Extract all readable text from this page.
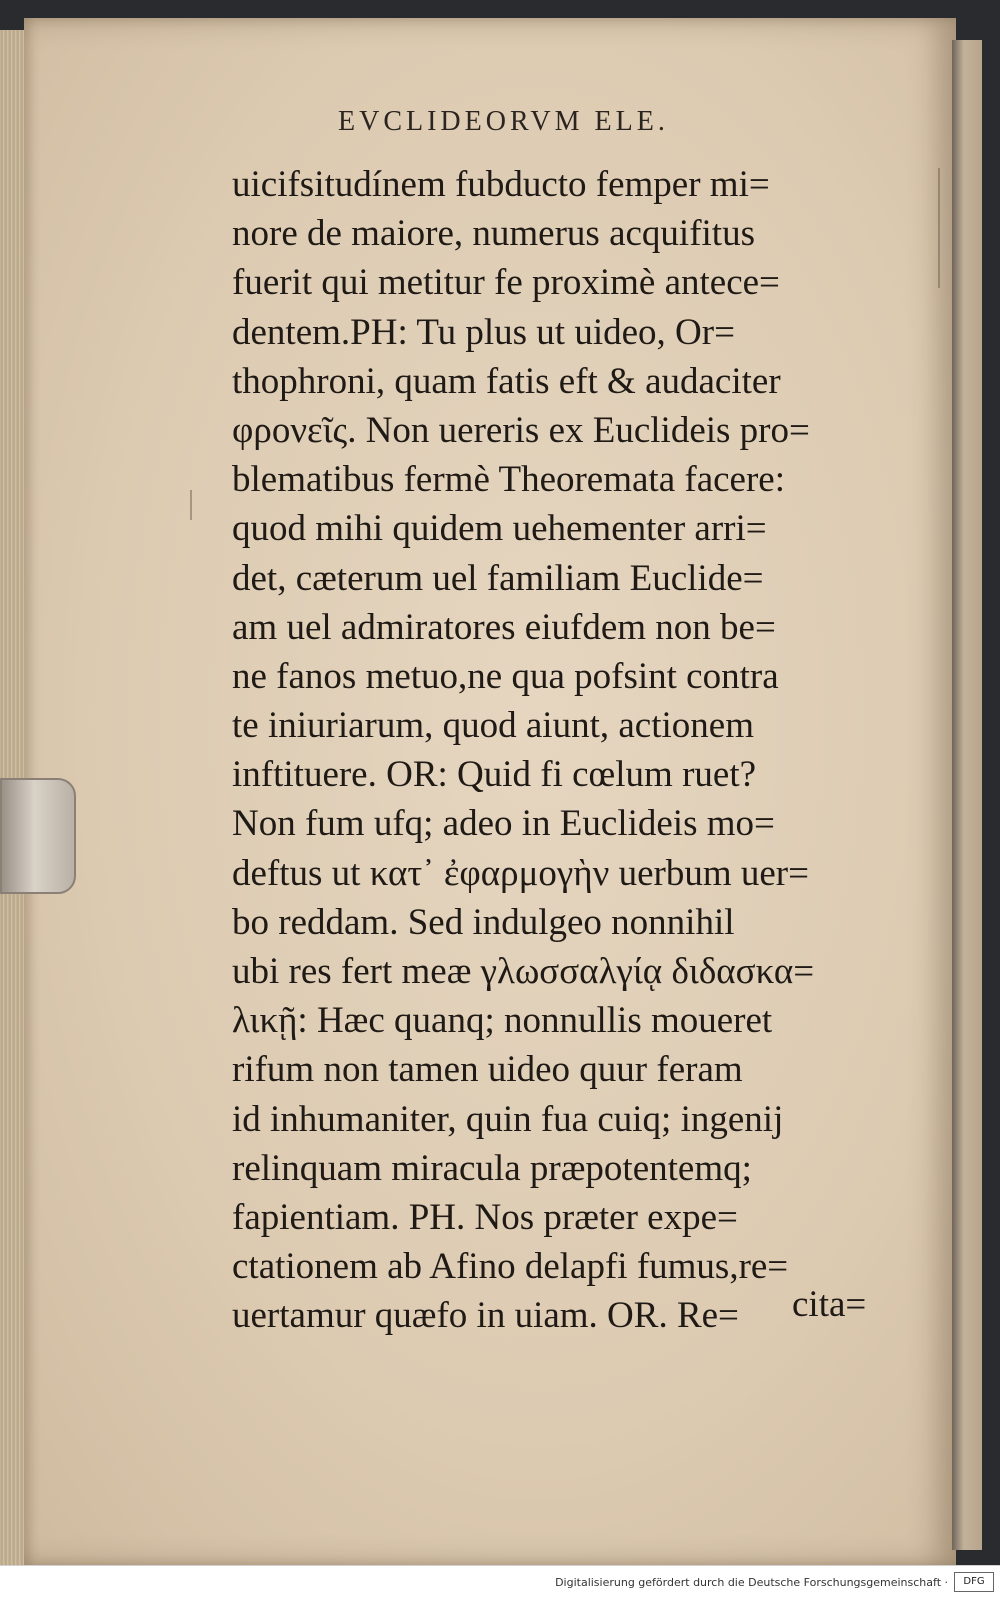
EVCLIDEORVM ELE.
uicifsitudínem fubducto femper mi=
nore de maiore, numerus acquifitus
fuerit qui metitur fe proximè antece=
dentem.PH: Tu plus ut uideo, Or=
thophroni, quam fatis eft & audaciter
φρονεῖς. Non uereris ex Euclideis pro=
blematibus fermè Theoremata facere:
quod mihi quidem uehementer arri=
det, cæterum uel familiam Euclide=
am uel admiratores eiufdem non be=
ne fanos metuo,ne qua pofsint contra
te iniuriarum, quod aiunt, actionem
inftituere. OR: Quid fi cœlum ruet?
Non fum ufq; adeo in Euclideis mo=
deftus ut κατ᾽ ἐφαρμογὴν uerbum uer=
bo reddam. Sed indulgeo nonnihil
ubi res fert meæ γλωσσαλγίᾳ διδασκα=
λικῇ: Hæc quanq; nonnullis moueret
rifum non tamen uideo quur feram
id inhumaniter, quin fua cuiq; ingenij
relinquam miracula præpotentemq;
fapientiam. PH. Nos præter expe=
ctationem ab Afino delapfi fumus,re=
uertamur quæfo in uiam. OR. Re=	cita=
Digitalisierung gefördert durch die Deutsche Forschungsgemeinschaft ·	DFG
